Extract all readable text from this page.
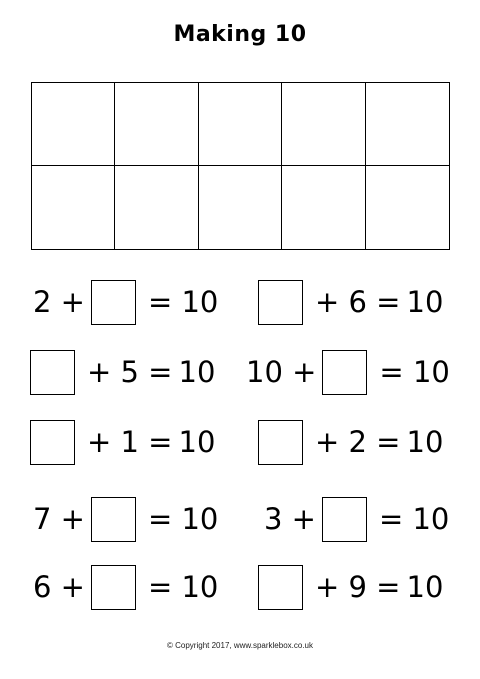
Making 10
2 + = 10	+ 6 = 10
+ 5 = 10 10 + = 10
+ 1 = 10	+ 2 = 10
7 + = 10 3 + = 10
6 + = 10	+ 9 = 10
© Copyright 2017, www.sparklebox.co.uk
